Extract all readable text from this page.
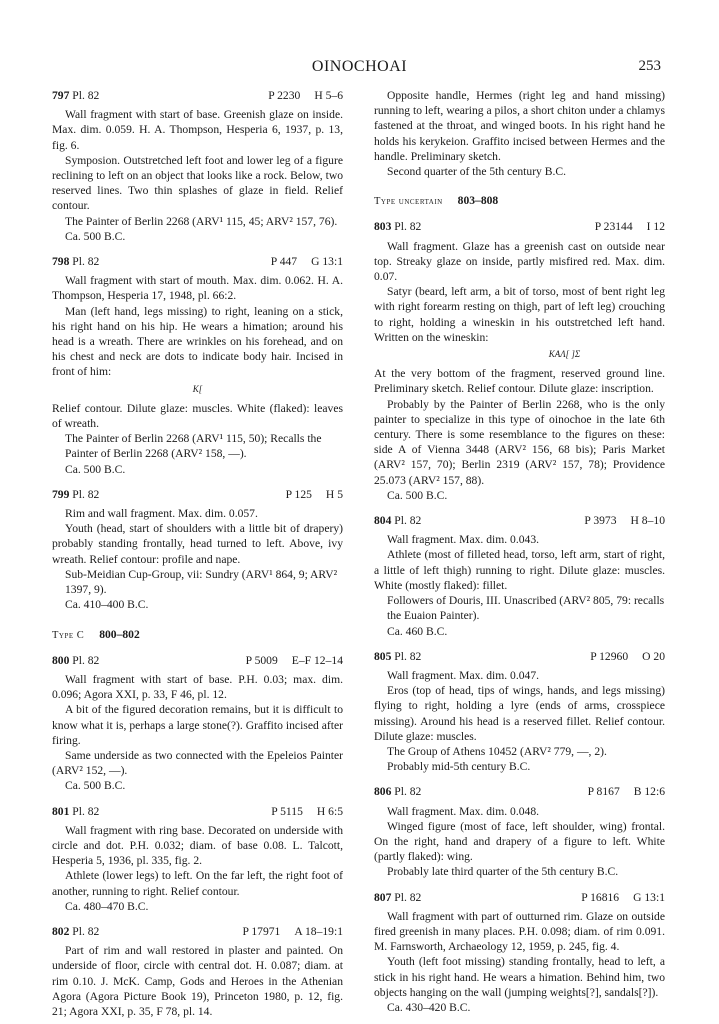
OINOCHOAI	253
797 Pl. 82	P 2230 H 5–6

Wall fragment with start of base. Greenish glaze on inside. Max. dim. 0.059. H. A. Thompson, Hesperia 6, 1937, p. 13, fig. 6.

Symposion. Outstretched left foot and lower leg of a figure reclining to left on an object that looks like a rock. Below, two reserved lines. Two thin splashes of glaze in field. Relief contour.

The Painter of Berlin 2268 (ARV¹ 115, 45; ARV² 157, 76).

Ca. 500 B.C.

798 Pl. 82	P 447 G 13:1

Wall fragment with start of mouth. Max. dim. 0.062. H. A. Thompson, Hesperia 17, 1948, pl. 66:2.

Man (left hand, legs missing) to right, leaning on a stick, his right hand on his hip. He wears a himation; around his head is a wreath. There are wrinkles on his forehead, and on his chest and neck are dots to indicate body hair. Incised in front of him:

Κ[

Relief contour. Dilute glaze: muscles. White (flaked): leaves of wreath.

The Painter of Berlin 2268 (ARV¹ 115, 50); Recalls the Painter of Berlin 2268 (ARV² 158, —).

Ca. 500 B.C.

799 Pl. 82	P 125 H 5

Rim and wall fragment. Max. dim. 0.057.

Youth (head, start of shoulders with a little bit of drapery) probably standing frontally, head turned to left. Above, ivy wreath. Relief contour: profile and nape.

Sub-Meidian Cup-Group, vii: Sundry (ARV¹ 864, 9; ARV² 1397, 9).

Ca. 410–400 B.C.

Type C 800–802
800 Pl. 82	P 5009 E–F 12–14

Wall fragment with start of base. P.H. 0.03; max. dim. 0.096; Agora XXI, p. 33, F 46, pl. 12.

A bit of the figured decoration remains, but it is difficult to know what it is, perhaps a large stone(?). Graffito incised after firing.

Same underside as two connected with the Epeleios Painter (ARV² 152, —).

Ca. 500 B.C.

801 Pl. 82	P 5115 H 6:5

Wall fragment with ring base. Decorated on underside with circle and dot. P.H. 0.032; diam. of base 0.08. L. Talcott, Hesperia 5, 1936, pl. 335, fig. 2.

Athlete (lower legs) to left. On the far left, the right foot of another, running to right. Relief contour.

Ca. 480–470 B.C.

802 Pl. 82	P 17971 A 18–19:1

Part of rim and wall restored in plaster and painted. On underside of floor, circle with central dot. H. 0.087; diam. at rim 0.10. J. McK. Camp, Gods and Heroes in the Athenian Agora (Agora Picture Book 19), Princeton 1980, p. 12, fig. 21; Agora XXI, p. 35, F 78, pl. 14.

Opposite handle, Hermes (right leg and hand missing) running to left, wearing a pilos, a short chiton under a chlamys fastened at the throat, and winged boots. In his right hand he holds his kerykeion. Graffito incised between Hermes and the handle. Preliminary sketch.

Second quarter of the 5th century B.C.

Type uncertain 803–808
803 Pl. 82	P 23144 I 12

Wall fragment. Glaze has a greenish cast on outside near top. Streaky glaze on inside, partly misfired red. Max. dim. 0.07.

Satyr (beard, left arm, a bit of torso, most of bent right leg with right forearm resting on thigh, part of left leg) crouching to right, holding a wineskin in his outstretched left hand. Written on the wineskin:

ΚΑΛ[ ]Σ

At the very bottom of the fragment, reserved ground line. Preliminary sketch. Relief contour. Dilute glaze: inscription.

Probably by the Painter of Berlin 2268, who is the only painter to specialize in this type of oinochoe in the late 6th century. There is some resemblance to the figures on these: side A of Vienna 3448 (ARV² 156, 68 bis); Paris Market (ARV² 157, 70); Berlin 2319 (ARV² 157, 78); Providence 25.073 (ARV² 157, 88).

Ca. 500 B.C.

804 Pl. 82	P 3973 H 8–10

Wall fragment. Max. dim. 0.043.

Athlete (most of filleted head, torso, left arm, start of right, a little of left thigh) running to right. Dilute glaze: muscles. White (mostly flaked): fillet.

Followers of Douris, III. Unascribed (ARV² 805, 79: recalls the Euaion Painter).

Ca. 460 B.C.

805 Pl. 82	P 12960 O 20

Wall fragment. Max. dim. 0.047.

Eros (top of head, tips of wings, hands, and legs missing) flying to right, holding a lyre (ends of arms, crosspiece missing). Around his head is a reserved fillet. Relief contour. Dilute glaze: muscles.

The Group of Athens 10452 (ARV² 779, —, 2).

Probably mid-5th century B.C.

806 Pl. 82	P 8167 B 12:6

Wall fragment. Max. dim. 0.048.

Winged figure (most of face, left shoulder, wing) frontal. On the right, hand and drapery of a figure to left. White (partly flaked): wing.

Probably late third quarter of the 5th century B.C.

807 Pl. 82	P 16816 G 13:1

Wall fragment with part of outturned rim. Glaze on outside fired greenish in many places. P.H. 0.098; diam. of rim 0.091. M. Farnsworth, Archaeology 12, 1959, p. 245, fig. 4.

Youth (left foot missing) standing frontally, head to left, a stick in his right hand. He wears a himation. Behind him, two objects hanging on the wall (jumping weights[?], sandals[?]).

Ca. 430–420 B.C.
